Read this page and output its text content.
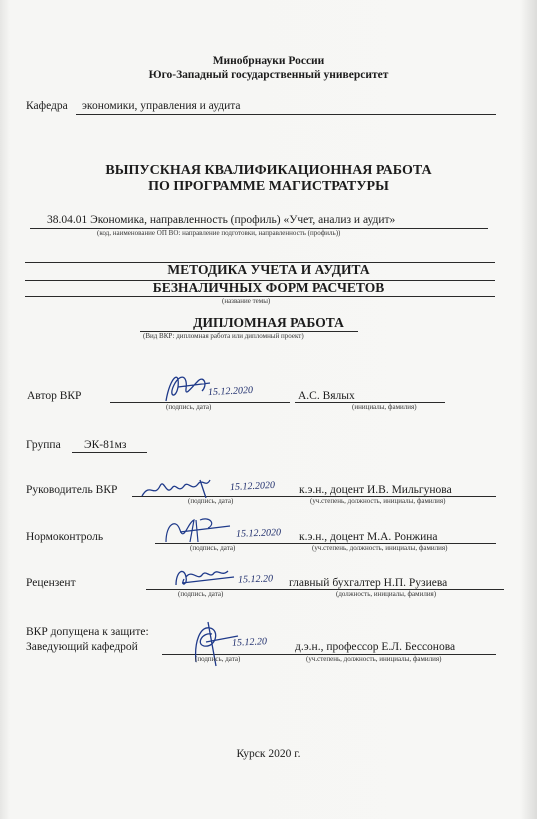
Минобрнауки России
Юго-Западный государственный университет
Кафедра экономики, управления и аудита
ВЫПУСКНАЯ КВАЛИФИКАЦИОННАЯ РАБОТА
ПО ПРОГРАММЕ МАГИСТРАТУРЫ
38.04.01 Экономика, направленность (профиль) «Учет, анализ и аудит»
(код, наименование ОП ВО: направление подготовки, направленность (профиль))
МЕТОДИКА УЧЕТА И АУДИТА
БЕЗНАЛИЧНЫХ ФОРМ РАСЧЕТОВ
(название темы)
ДИПЛОМНАЯ РАБОТА
(Вид ВКР: дипломная работа или дипломный проект)
Автор ВКР	15.12.2020	А.С. Вялых
(подпись, дата)	(инициалы, фамилия)
Группа ЭК-81мз
Руководитель ВКР	15.12.2020 к.э.н., доцент И.В. Мильгунова
(подпись, дата)	(уч.степень, должность, инициалы, фамилия)
Нормоконтроль	15.12.2020 к.э.н., доцент М.А. Ронжина
(подпись, дата)	(уч.степень, должность, инициалы, фамилия)
Рецензент	15.12.20 главный бухгалтер Н.П. Рузиева
(подпись, дата)	(должность, инициалы, фамилия)
ВКР допущена к защите:
Заведующий кафедрой	15.12.20 д.э.н., профессор Е.Л. Бессонова
(подпись, дата)	(уч.степень, должность, инициалы, фамилия)
Курск 2020 г.
